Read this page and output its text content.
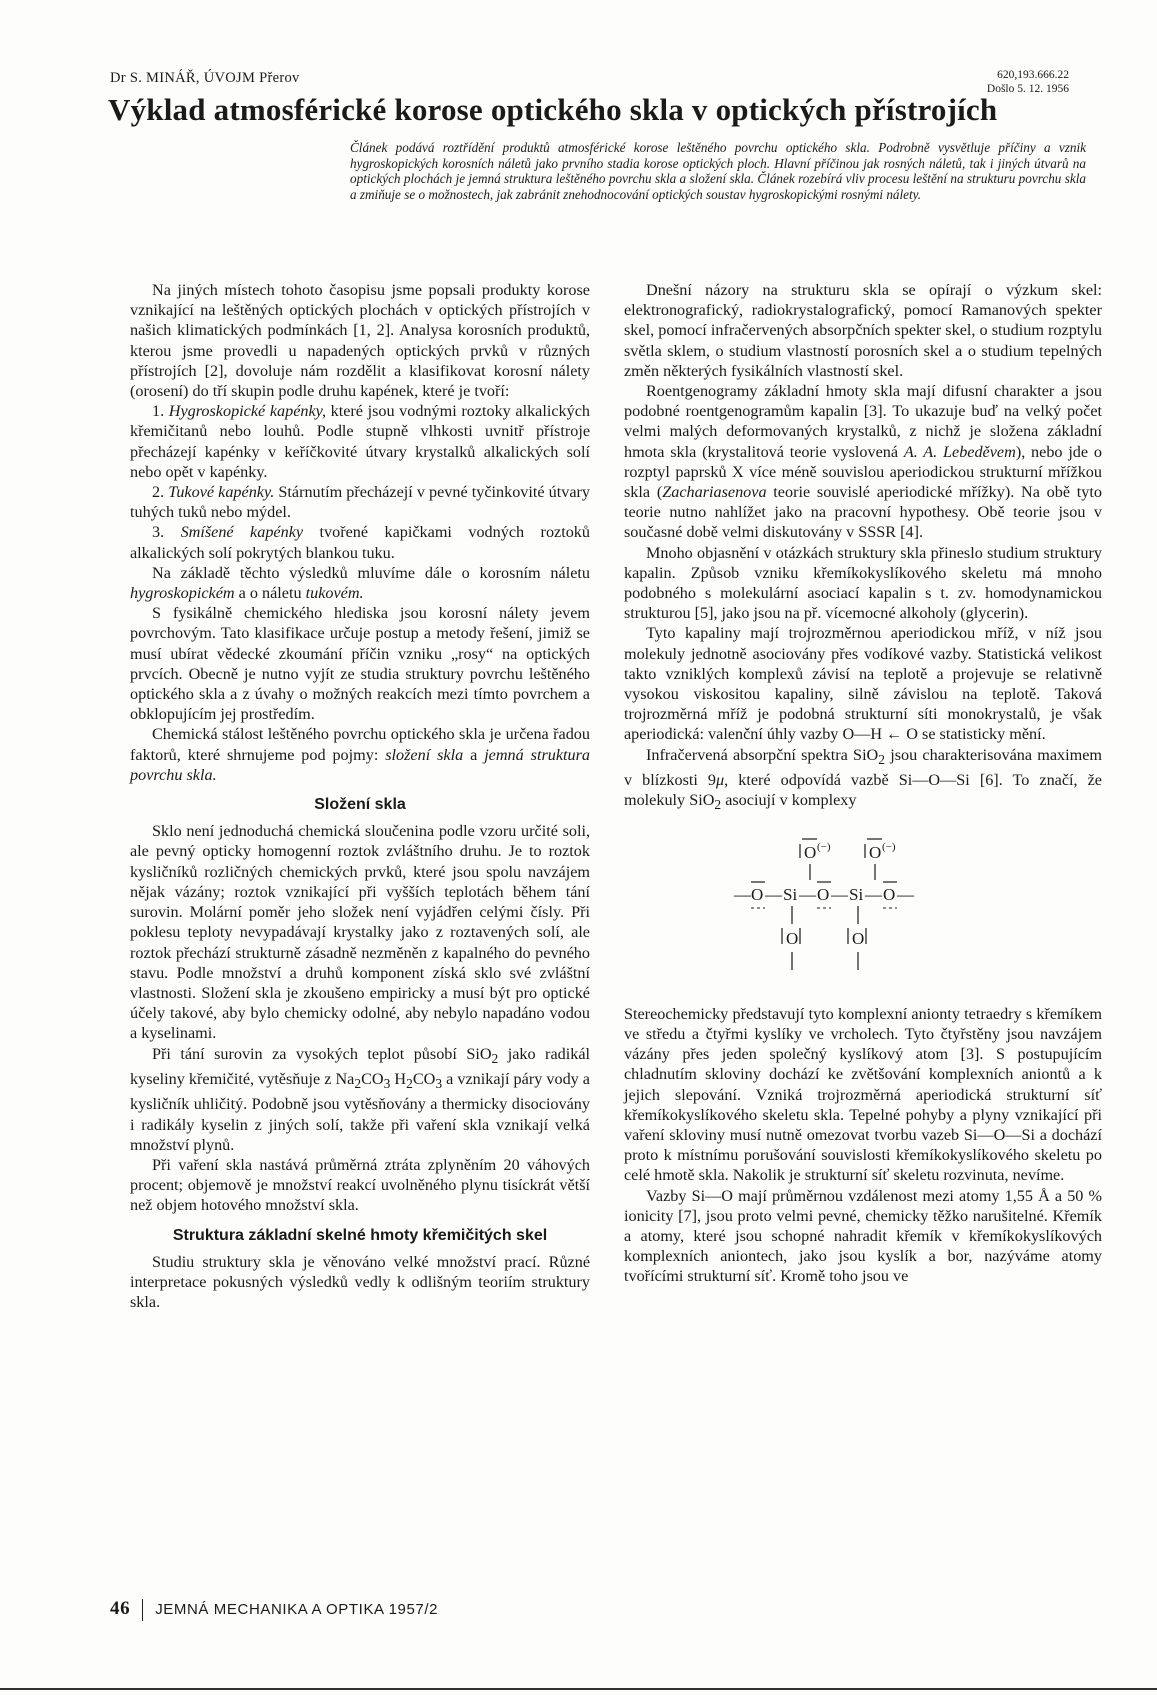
Dr S. MINÁŘ, ÚVOJM Přerov	620,193.666.22
Došlo 5. 12. 1956
Výklad atmosférické korose optického skla v optických přístrojích
Článek podává roztřídění produktů atmosférické korose leštěného povrchu optického skla. Podrobně vysvětluje příčiny a vznik hygroskopických korosních náletů jako prvního stadia korose optických ploch. Hlavní příčinou jak rosných náletů, tak i jiných útvarů na optických plochách je jemná struktura leštěného povrchu skla a složení skla. Článek rozebírá vliv procesu leštění na strukturu povrchu skla a zmiňuje se o možnostech, jak zabránit znehodnocování optických soustav hygroskopickými rosnými nálety.

Na jiných místech tohoto časopisu jsme popsali produkty korose vznikající na leštěných optických plochách v optických přístrojích v našich klimatických podmínkách [1, 2]. Analysa korosních produktů, kterou jsme provedli u napadených optických prvků v různých přístrojích [2], dovoluje nám rozdělit a klasifikovat korosní nálety (orosení) do tří skupin podle druhu kapének, které je tvoří:

1. Hygroskopické kapénky, které jsou vodnými roztoky alkalických křemičitanů nebo louhů. Podle stupně vlhkosti uvnitř přístroje přecházejí kapénky v keříčkovité útvary krystalků alkalických solí nebo opět v kapénky.

2. Tukové kapénky. Stárnutím přecházejí v pevné tyčinkovité útvary tuhých tuků nebo mýdel.

3. Smíšené kapénky tvořené kapičkami vodných roztoků alkalických solí pokrytých blankou tuku.

Na základě těchto výsledků mluvíme dále o korosním náletu hygroskopickém a o náletu tukovém.

S fysikálně chemického hlediska jsou korosní nálety jevem povrchovým. Tato klasifikace určuje postup a metody řešení, jimiž se musí ubírat vědecké zkoumání příčin vzniku „rosy“ na optických prvcích. Obecně je nutno vyjít ze studia struktury povrchu leštěného optického skla a z úvahy o možných reakcích mezi tímto povrchem a obklopujícím jej prostředím.

Chemická stálost leštěného povrchu optického skla je určena řadou faktorů, které shrnujeme pod pojmy: složení skla a jemná struktura povrchu skla.

Složení skla

Sklo není jednoduchá chemická sloučenina podle vzoru určité soli, ale pevný opticky homogenní roztok zvláštního druhu. Je to roztok kysličníků rozličných chemických prvků, které jsou spolu navzájem nějak vázány; roztok vznikající při vyšších teplotách během tání surovin. Molární poměr jeho složek není vyjádřen celými čísly. Při poklesu teploty nevypadávají krystalky jako z roztavených solí, ale roztok přechází strukturně zásadně nezměněn z kapalného do pevného stavu. Podle množství a druhů komponent získá sklo své zvláštní vlastnosti. Složení skla je zkoušeno empiricky a musí být pro optické účely takové, aby bylo chemicky odolné, aby nebylo napadáno vodou a kyselinami.

Při tání surovin za vysokých teplot působí SiO$_2$ jako radikál kyseliny křemičité, vytěsňuje z $Na_2CO_3$ $H_2CO_3$ a vznikají páry vody a kysličník uhličitý. Podobně jsou vytěsňovány a thermicky disociovány i radikály kyselin z jiných solí, takže při vaření skla vznikají velká množství plynů.

Při vaření skla nastává průměrná ztráta zplyněním 20 váhových procent; objemově je množství reakcí uvolněného plynu tisíckrát větší než objem hotového množství skla.

Struktura základní skelné hmoty křemičitých skel

Studiu struktury skla je věnováno velké množství prací. Různé interpretace pokusných výsledků vedly k odlišným teoriím struktury skla.

Dnešní názory na strukturu skla se opírají o výzkum skel: elektronografický, radiokrystalografický, pomocí Ramanových spekter skel, pomocí infračervených absorpčních spekter skel, o studium rozptylu světla sklem, o studium vlastností porosních skel a o studium tepelných změn některých fysikálních vlastností skel.

Roentgenogramy základní hmoty skla mají difusní charakter a jsou podobné roentgenogramům kapalin [3]. To ukazuje buď na velký počet velmi malých deformovaných krystalků, z nichž je složena základní hmota skla (krystalitová teorie vyslovená A. A. Lebeděvem), nebo jde o rozptyl paprsků X více méně souvislou aperiodickou strukturní mřížkou skla (Zachariasenova teorie souvislé aperiodické mřížky). Na obě tyto teorie nutno nahlížet jako na pracovní hypothesy. Obě teorie jsou v současné době velmi diskutovány v SSSR [4].

Mnoho objasnění v otázkách struktury skla přineslo studium struktury kapalin. Způsob vzniku křemíkokyslíkového skeletu má mnoho podobného s molekulární asociací kapalin s t. zv. homodynamickou strukturou [5], jako jsou na př. vícemocné alkoholy (glycerin).

Tyto kapaliny mají trojrozměrnou aperiodickou mříž, v níž jsou molekuly jednotně asociovány přes vodíkové vazby. Statistická velikost takto vzniklých komplexů závisí na teplotě a projevuje se relativně vysokou viskositou kapaliny, silně závislou na teplotě. Taková trojrozměrná mříž je podobná strukturní síti monokrystalů, je však aperiodická: valenční úhly vazby O—H ← O se statisticky mění.

Infračervená absorpční spektra SiO$_2$ jsou charakterisována maximem v blízkosti 9μ, které odpovídá vazbě Si—O—Si [6]. To značí, že molekuly SiO$_2$ asociují v komplexy

O (−) O (−)
— O — Si — O — Si — O —
O	O

Stereochemicky představují tyto komplexní anionty tetraedry s křemíkem ve středu a čtyřmi kyslíky ve vrcholech. Tyto čtyřstěny jsou navzájem vázány přes jeden společný kyslíkový atom [3]. S postupujícím chladnutím skloviny dochází ke zvětšování komplexních aniontů a k jejich slepování. Vzniká trojrozměrná aperiodická strukturní síť křemíkokyslíkového skeletu skla. Tepelné pohyby a plyny vznikající při vaření skloviny musí nutně omezovat tvorbu vazeb Si—O—Si a dochází proto k místnímu porušování souvislosti křemíkokyslíkového skeletu po celé hmotě skla. Nakolik je strukturní síť skeletu rozvinuta, nevíme.

Vazby Si—O mají průměrnou vzdálenost mezi atomy 1,55 Å a 50 % ionicity [7], jsou proto velmi pevné, chemicky těžko narušitelné. Křemík a atomy, které jsou schopné nahradit křemík v křemíkokyslíkových komplexních aniontech, jako jsou kyslík a bor, nazýváme atomy tvořícími strukturní síť. Kromě toho jsou ve

46 JEMNÁ MECHANIKA A OPTIKA 1957/2
